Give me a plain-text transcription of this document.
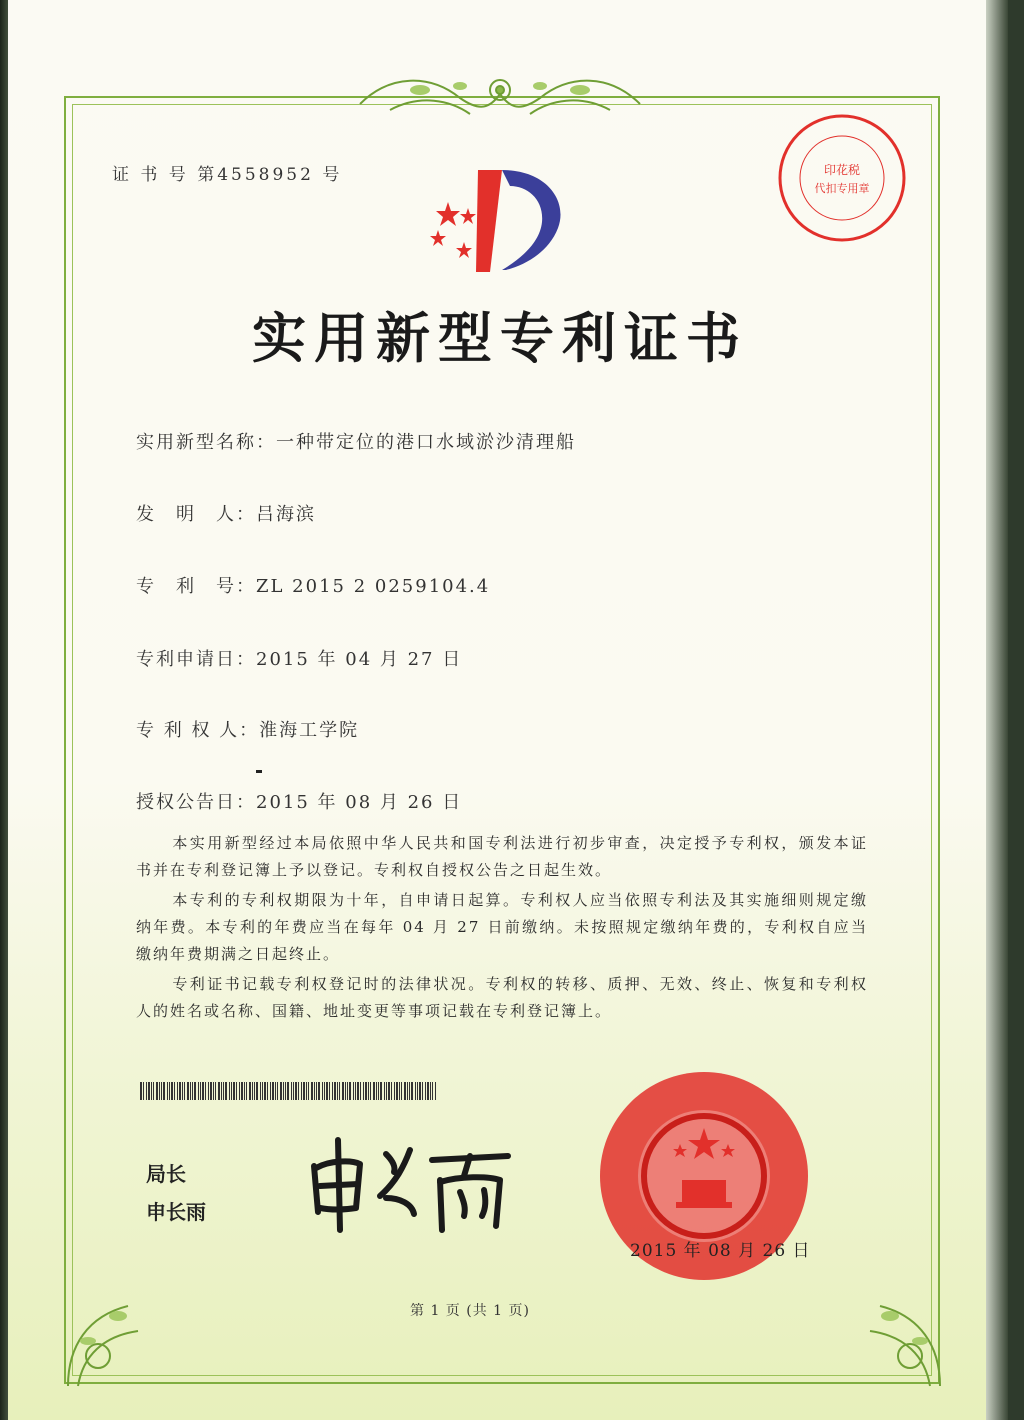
证 书 号 第4558952 号	印花税
代扣专用章
实用新型专利证书
实用新型名称：一种带定位的港口水域淤沙清理船
发　明　人：吕海滨
专　利　号：ZL 2015 2 0259104.4
专利申请日：2015 年 04 月 27 日
专 利 权 人：淮海工学院
授权公告日：2015 年 08 月 26 日
本实用新型经过本局依照中华人民共和国专利法进行初步审查，决定授予专利权，颁发本证书并在专利登记簿上予以登记。专利权自授权公告之日起生效。
本专利的专利权期限为十年，自申请日起算。专利权人应当依照专利法及其实施细则规定缴纳年费。本专利的年费应当在每年 04 月 27 日前缴纳。未按照规定缴纳年费的，专利权自应当缴纳年费期满之日起终止。
专利证书记载专利权登记时的法律状况。专利权的转移、质押、无效、终止、恢复和专利权人的姓名或名称、国籍、地址变更等事项记载在专利登记簿上。
局长
申长雨
2015 年 08 月 26 日
第 1 页 (共 1 页)
